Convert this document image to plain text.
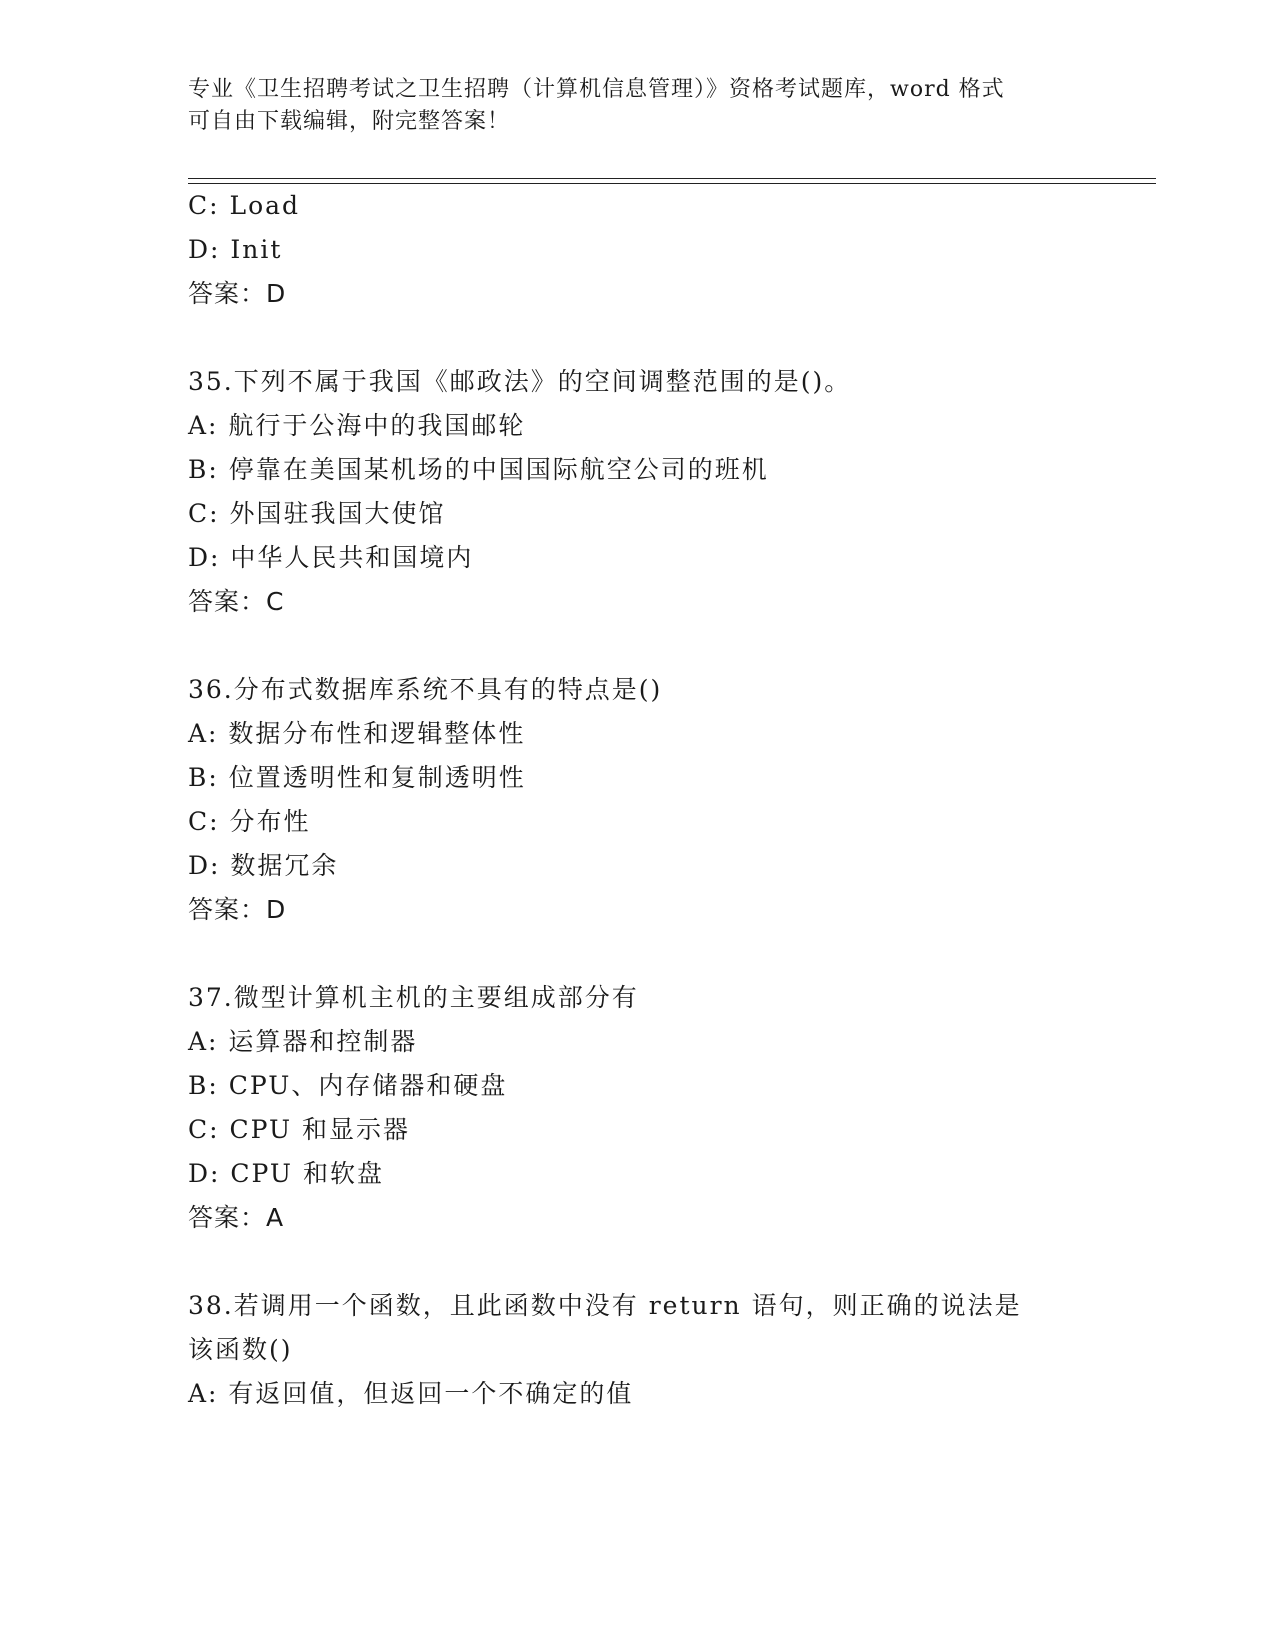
专业《卫生招聘考试之卫生招聘（计算机信息管理）》资格考试题库，word 格式
可自由下载编辑，附完整答案！
C: Load
D: Init
答案：D
35.下列不属于我国《邮政法》的空间调整范围的是()。
A: 航行于公海中的我国邮轮
B: 停靠在美国某机场的中国国际航空公司的班机
C: 外国驻我国大使馆
D: 中华人民共和国境内
答案：C
36.分布式数据库系统不具有的特点是()
A: 数据分布性和逻辑整体性
B: 位置透明性和复制透明性
C: 分布性
D: 数据冗余
答案：D
37.微型计算机主机的主要组成部分有
A: 运算器和控制器
B: CPU、内存储器和硬盘
C: CPU 和显示器
D: CPU 和软盘
答案：A
38.若调用一个函数，且此函数中没有 return 语句，则正确的说法是
该函数()
A: 有返回值，但返回一个不确定的值
